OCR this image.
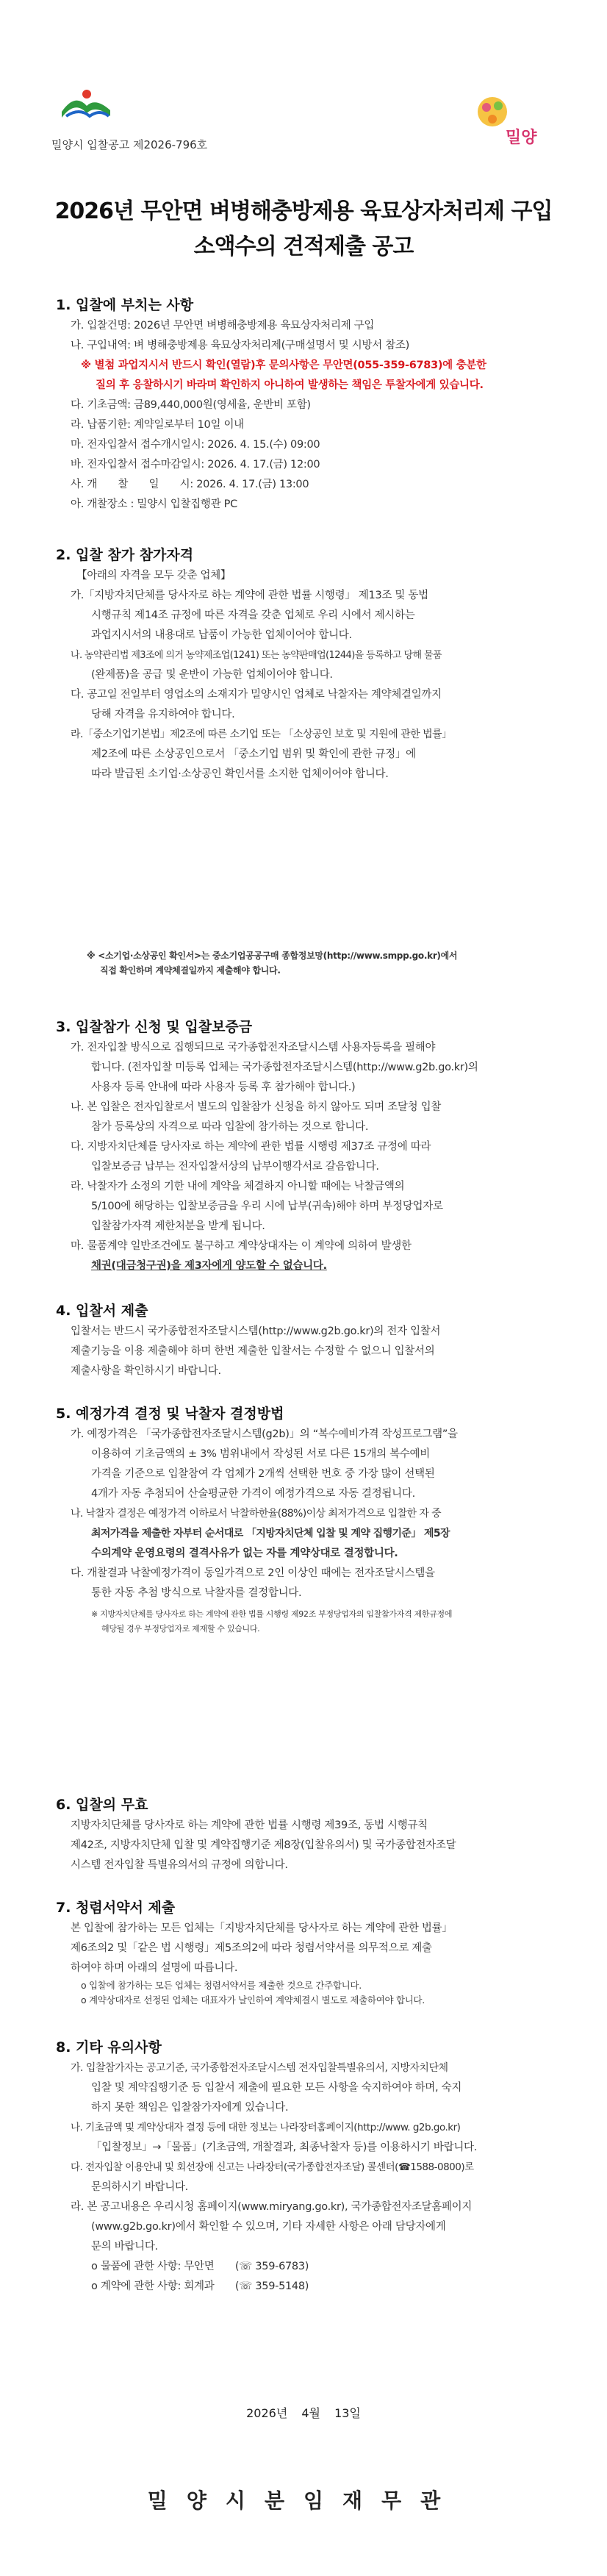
밀양시 입찰공고 제2026-796호	밀양
2026년 무안면 벼병해충방제용 육묘상자처리제 구입
소액수의 견적제출 공고
1. 입찰에 부치는 사항
가. 입찰건명: 2026년 무안면 벼병해충방제용 육묘상자처리제 구입
나. 구입내역: 벼 병해충방제용 육묘상자처리제(구매설명서 및 시방서 참조)
※ 별첨 과업지시서 반드시 확인(열람)후 문의사항은 무안면(055-359-6783)에 충분한
질의 후 응찰하시기 바라며 확인하지 아니하여 발생하는 책임은 투찰자에게 있습니다.
다. 기초금액: 금89,440,000원(영세율, 운반비 포함)
라. 납품기한: 계약일로부터 10일 이내
마. 전자입찰서 접수개시일시: 2026. 4. 15.(수) 09:00
바. 전자입찰서 접수마감일시: 2026. 4. 17.(금) 12:00
사. 개　　찰　　일　　시: 2026. 4. 17.(금) 13:00
아. 개찰장소 : 밀양시 입찰집행관 PC
2. 입찰 참가 참가자격
【아래의 자격을 모두 갖춘 업체】
가.「지방자치단체를 당사자로 하는 계약에 관한 법률 시행령」 제13조 및 동법
시행규칙 제14조 규정에 따른 자격을 갖춘 업체로 우리 시에서 제시하는
과업지시서의 내용대로 납품이 가능한 업체이어야 합니다.
나. 농약관리법 제3조에 의거 농약제조업(1241) 또는 농약판매업(1244)을 등록하고 당해 물품
(완제품)을 공급 및 운반이 가능한 업체이어야 합니다.
다. 공고일 전일부터 영업소의 소재지가 밀양시인 업체로 낙찰자는 계약체결일까지
당해 자격을 유지하여야 합니다.
라.「중소기업기본법」제2조에 따른 소기업 또는 「소상공인 보호 및 지원에 관한 법률」
제2조에 따른 소상공인으로서 「중소기업 범위 및 확인에 관한 규정」에
따라 발급된 소기업·소상공인 확인서를 소지한 업체이어야 합니다.
※ <소기업·소상공인 확인서>는 중소기업공공구매 종합정보망(http://www.smpp.go.kr)에서
직접 확인하며 계약체결일까지 제출해야 합니다.
3. 입찰참가 신청 및 입찰보증금
가. 전자입찰 방식으로 집행되므로 국가종합전자조달시스템 사용자등록을 필해야
합니다. (전자입찰 미등록 업체는 국가종합전자조달시스템(http://www.g2b.go.kr)의
사용자 등록 안내에 따라 사용자 등록 후 참가해야 합니다.)
나. 본 입찰은 전자입찰로서 별도의 입찰참가 신청을 하지 않아도 되며 조달청 입찰
참가 등록상의 자격으로 따라 입찰에 참가하는 것으로 합니다.
다. 지방자치단체를 당사자로 하는 계약에 관한 법률 시행령 제37조 규정에 따라
입찰보증금 납부는 전자입찰서상의 납부이행각서로 갈음합니다.
라. 낙찰자가 소정의 기한 내에 계약을 체결하지 아니할 때에는 낙찰금액의
5/100에 해당하는 입찰보증금을 우리 시에 납부(귀속)해야 하며 부정당업자로
입찰참가자격 제한처분을 받게 됩니다.
마. 물품계약 일반조건에도 불구하고 계약상대자는 이 계약에 의하여 발생한
채권(대금청구권)을 제3자에게 양도할 수 없습니다.
4. 입찰서 제출
입찰서는 반드시 국가종합전자조달시스템(http://www.g2b.go.kr)의 전자 입찰서
제출기능을 이용 제출해야 하며 한번 제출한 입찰서는 수정할 수 없으니 입찰서의
제출사항을 확인하시기 바랍니다.
5. 예정가격 결정 및 낙찰자 결정방법
가. 예정가격은 「국가종합전자조달시스템(g2b)」의 “복수예비가격 작성프로그램”을
이용하여 기초금액의 ± 3% 범위내에서 작성된 서로 다른 15개의 복수예비
가격을 기준으로 입찰참여 각 업체가 2개씩 선택한 번호 중 가장 많이 선택된
4개가 자동 추첨되어 산술평균한 가격이 예정가격으로 자동 결정됩니다.
나. 낙찰자 결정은 예정가격 이하로서 낙찰하한율(88%)이상 최저가격으로 입찰한 자 중
최저가격을 제출한 자부터 순서대로 「지방자치단체 입찰 및 계약 집행기준」 제5장
수의계약 운영요령의 결격사유가 없는 자를 계약상대로 결정합니다.
다. 개찰결과 낙찰예정가격이 동일가격으로 2인 이상인 때에는 전자조달시스템을
통한 자동 추첨 방식으로 낙찰자를 결정합니다.
※ 지방자치단체를 당사자로 하는 계약에 관한 법률 시행령 제92조 부정당업자의 입찰참가자격 제한규정에
해당될 경우 부정당업자로 제재할 수 있습니다.
6. 입찰의 무효
지방자치단체를 당사자로 하는 계약에 관한 법률 시행령 제39조, 동법 시행규칙
제42조, 지방자치단체 입찰 및 계약집행기준 제8장(입찰유의서) 및 국가종합전자조달
시스템 전자입찰 특별유의서의 규정에 의합니다.
7. 청렴서약서 제출
본 입찰에 참가하는 모든 업체는「지방자치단체를 당사자로 하는 계약에 관한 법률」
제6조의2 및「같은 법 시행령」제5조의2에 따라 청렴서약서를 의무적으로 제출
하여야 하며 아래의 설명에 따릅니다.
o 입찰에 참가하는 모든 업체는 청렴서약서를 제출한 것으로 간주합니다.
o 계약상대자로 선정된 업체는 대표자가 날인하여 계약체결시 별도로 제출하여야 합니다.
8. 기타 유의사항
가. 입찰참가자는 공고기준, 국가종합전자조달시스템 전자입찰특별유의서, 지방자치단체
입찰 및 계약집행기준 등 입찰서 제출에 필요한 모든 사항을 숙지하여야 하며, 숙지
하지 못한 책임은 입찰참가자에게 있습니다.
나. 기초금액 및 계약상대자 결정 등에 대한 정보는 나라장터홈페이지(http://www. g2b.go.kr)
「입찰정보」→「물품」(기초금액, 개찰결과, 최종낙찰자 등)를 이용하시기 바랍니다.
다. 전자입찰 이용안내 및 회선장애 신고는 나라장터(국가종합전자조달) 콜센터(☎1588-0800)로
문의하시기 바랍니다.
라. 본 공고내용은 우리시청 홈페이지(www.miryang.go.kr), 국가종합전자조달홈페이지
(www.g2b.go.kr)에서 확인할 수 있으며, 기타 자세한 사항은 아래 담당자에게
문의 바랍니다.
o 물품에 관한 사항: 무안면　　(☏ 359-6783)
o 계약에 관한 사항: 회계과　　(☏ 359-5148)
2026년 4월 13일
밀양시분임재무관
